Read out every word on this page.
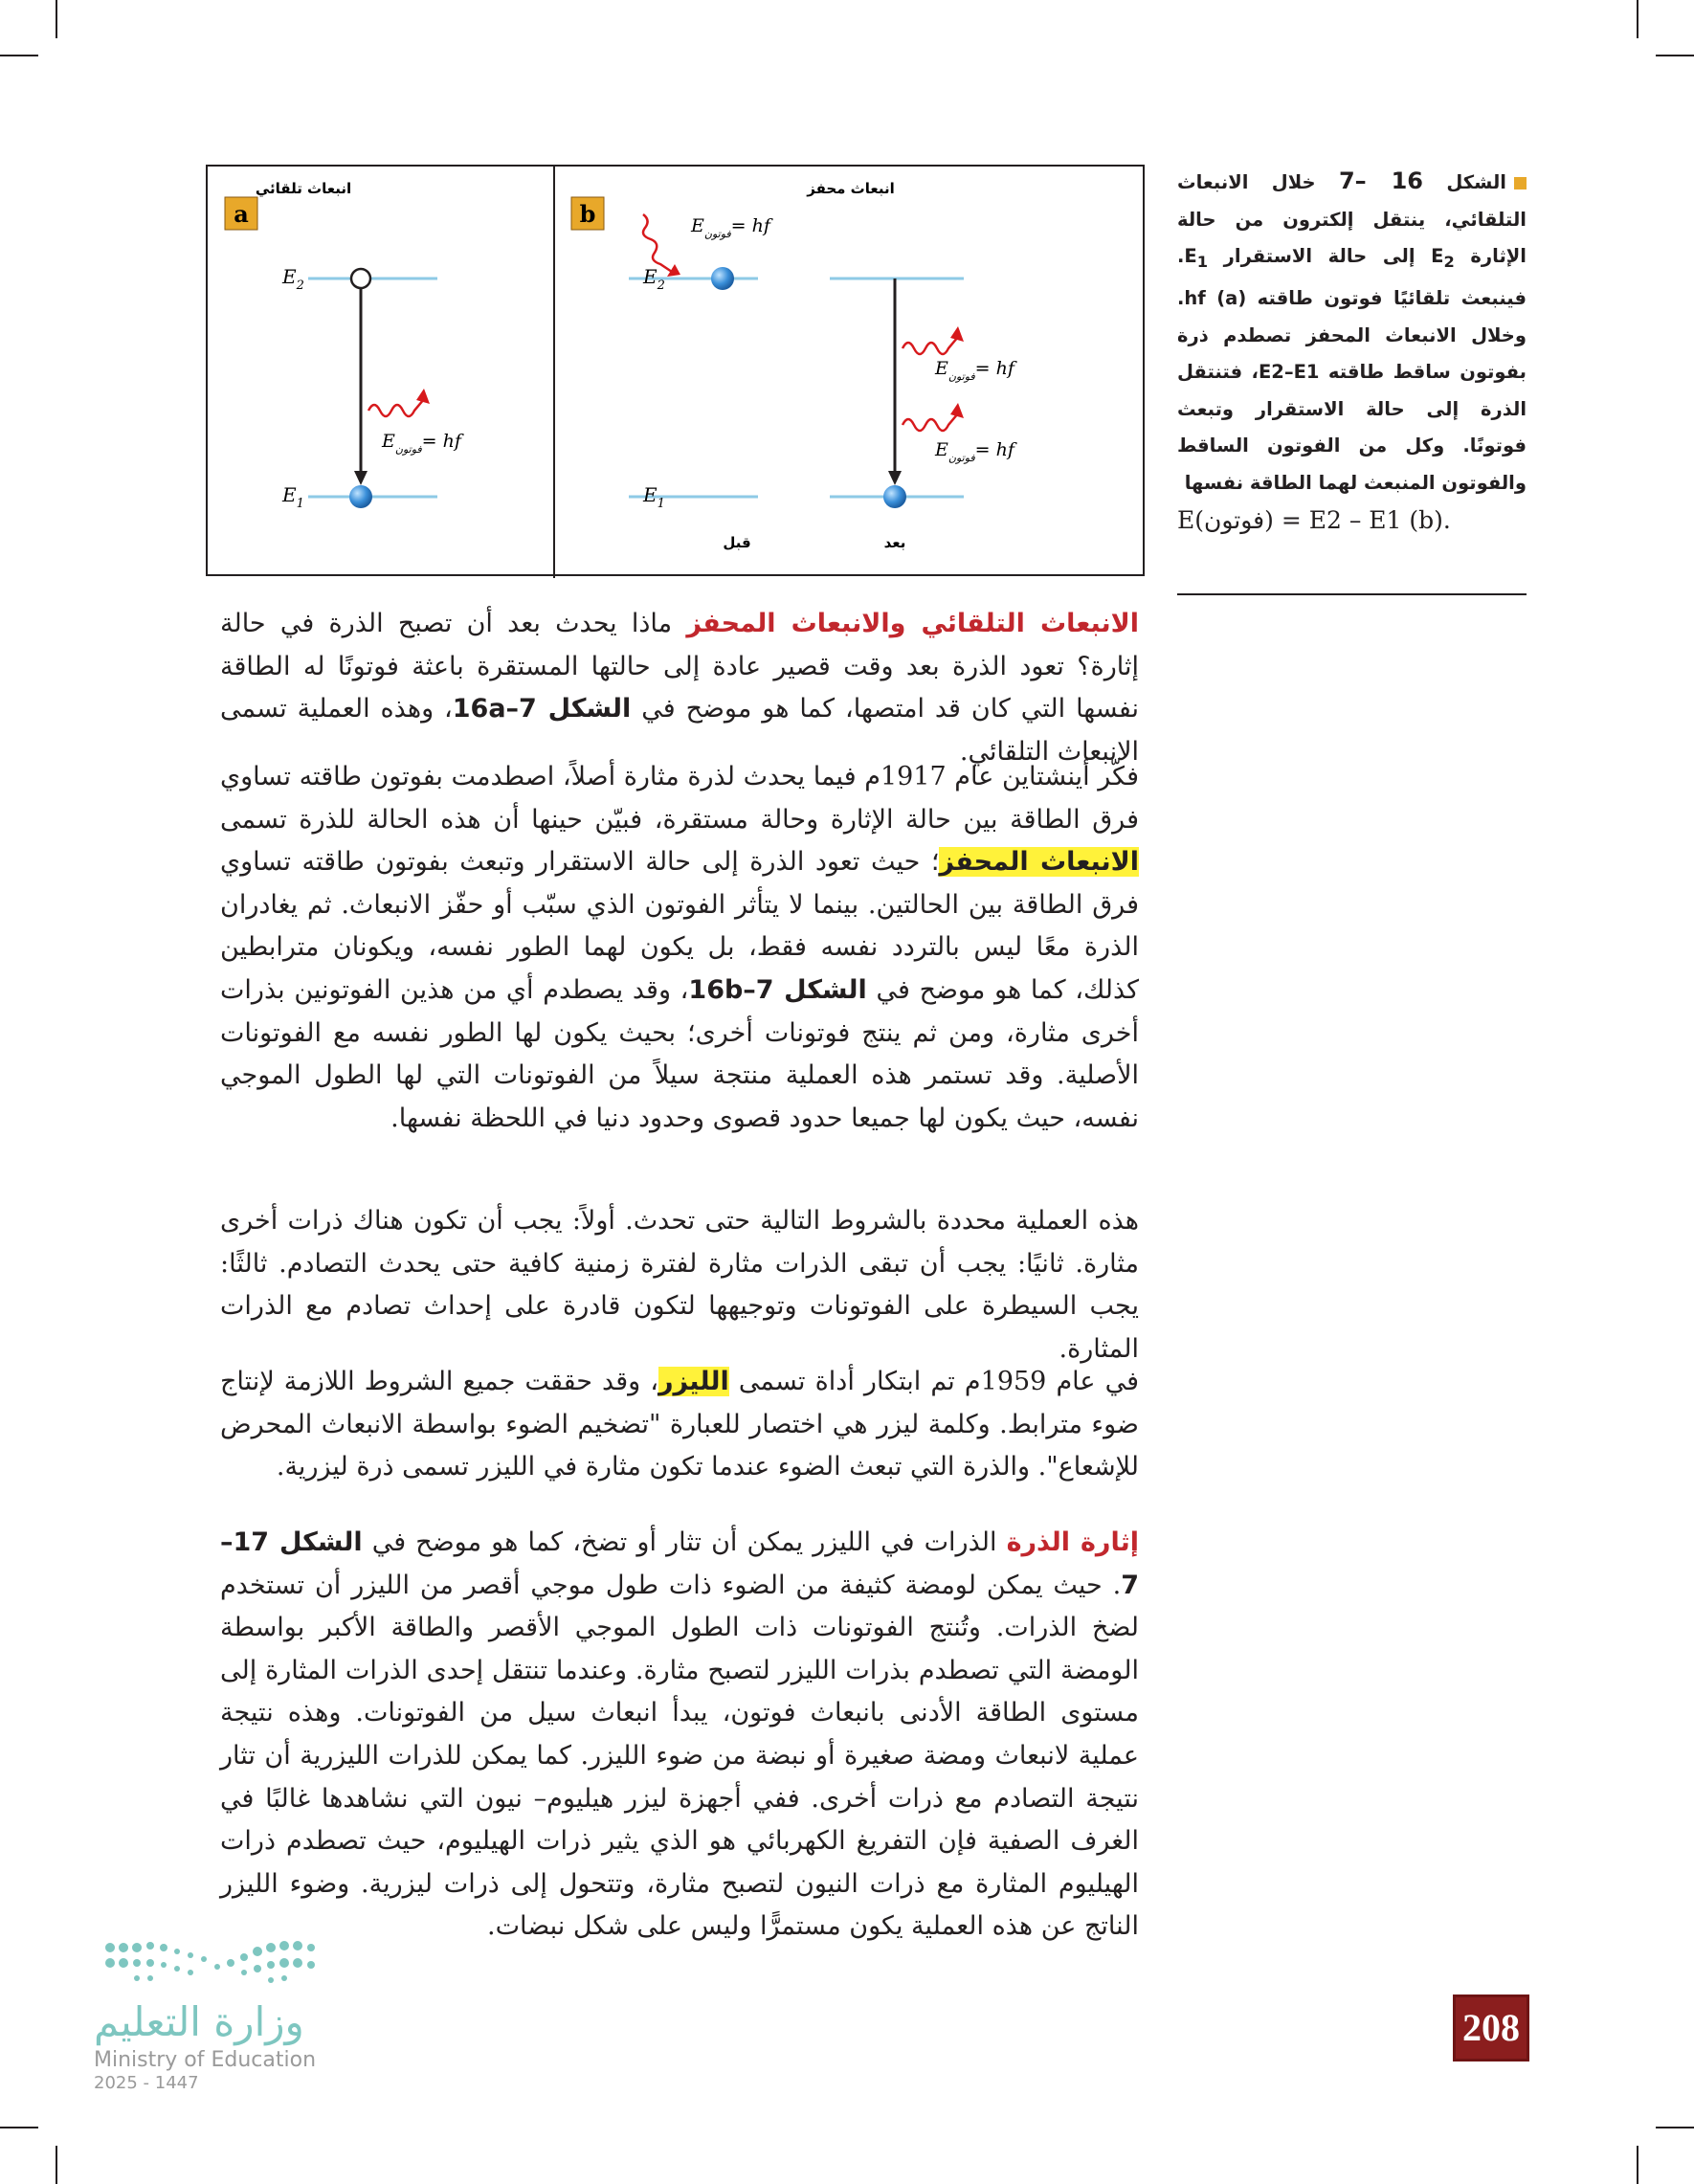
انبعاث تلقائي
a
$E_2$
$E_1$
$E_{فوتون}=$ hf
انبعاث محفز
b	$E_{فوتون}=$ hf
$E_2$
$E_1$
$E_{فوتون}=$ hf
$E_{فوتون}=$ hf
قبل	بعد
الشكل 16 –7 خلال الانبعاث التلقائي، ينتقل إلكترون من حالة الإثارة $E_2$ إلى حالة الاستقرار $E_1$. فينبعث تلقائيًا فوتون طاقته hf (a). وخلال الانبعاث المحفز تصطدم ذرة بفوتون ساقط طاقته E2–E1، فتنتقل الذرة إلى حالة الاستقرار وتبعث فوتونًا. وكل من الفوتون الساقط والفوتون المنبعث لهما الطاقة نفسها
E(فوتون) = E2 – E1 (b).
الانبعاث التلقائي والانبعاث المحفز ماذا يحدث بعد أن تصبح الذرة في حالة إثارة؟ تعود الذرة بعد وقت قصير عادة إلى حالتها المستقرة باعثة فوتونًا له الطاقة نفسها التي كان قد امتصها، كما هو موضح في الشكل 16a–7، وهذه العملية تسمى الانبعاث التلقائي.
فكّر أينشتاين عام 1917م فيما يحدث لذرة مثارة أصلاً، اصطدمت بفوتون طاقته تساوي فرق الطاقة بين حالة الإثارة وحالة مستقرة، فبيّن حينها أن هذه الحالة للذرة تسمى الانبعاث المحفز؛ حيث تعود الذرة إلى حالة الاستقرار وتبعث بفوتون طاقته تساوي فرق الطاقة بين الحالتين. بينما لا يتأثر الفوتون الذي سبّب أو حفّز الانبعاث. ثم يغادران الذرة معًا ليس بالتردد نفسه فقط، بل يكون لهما الطور نفسه، ويكونان مترابطين كذلك، كما هو موضح في الشكل 16b–7، وقد يصطدم أي من هذين الفوتونين بذرات أخرى مثارة، ومن ثم ينتج فوتونات أخرى؛ بحيث يكون لها الطور نفسه مع الفوتونات الأصلية. وقد تستمر هذه العملية منتجة سيلاً من الفوتونات التي لها الطول الموجي نفسه، حيث يكون لها جميعا حدود قصوى وحدود دنيا في اللحظة نفسها.
هذه العملية محددة بالشروط التالية حتى تحدث. أولاً: يجب أن تكون هناك ذرات أخرى مثارة. ثانيًا: يجب أن تبقى الذرات مثارة لفترة زمنية كافية حتى يحدث التصادم. ثالثًا: يجب السيطرة على الفوتونات وتوجيهها لتكون قادرة على إحداث تصادم مع الذرات المثارة.
في عام 1959م تم ابتكار أداة تسمى الليزر، وقد حققت جميع الشروط اللازمة لإنتاج ضوء مترابط. وكلمة ليزر هي اختصار للعبارة "تضخيم الضوء بواسطة الانبعاث المحرض للإشعاع". والذرة التي تبعث الضوء عندما تكون مثارة في الليزر تسمى ذرة ليزرية.
إثارة الذرة الذرات في الليزر يمكن أن تثار أو تضخ، كما هو موضح في الشكل 17–7. حيث يمكن لومضة كثيفة من الضوء ذات طول موجي أقصر من الليزر أن تستخدم لضخ الذرات. وتُنتج الفوتونات ذات الطول الموجي الأقصر والطاقة الأكبر بواسطة الومضة التي تصطدم بذرات الليزر لتصبح مثارة. وعندما تنتقل إحدى الذرات المثارة إلى مستوى الطاقة الأدنى بانبعاث فوتون، يبدأ انبعاث سيل من الفوتونات. وهذه نتيجة عملية لانبعاث ومضة صغيرة أو نبضة من ضوء الليزر. كما يمكن للذرات الليزرية أن تثار نتيجة التصادم مع ذرات أخرى. ففي أجهزة ليزر هيليوم– نيون التي نشاهدها غالبًا في الغرف الصفية فإن التفريغ الكهربائي هو الذي يثير ذرات الهيليوم، حيث تصطدم ذرات الهيليوم المثارة مع ذرات النيون لتصبح مثارة، وتتحول إلى ذرات ليزرية. وضوء الليزر الناتج عن هذه العملية يكون مستمرًّا وليس على شكل نبضات.
وزارة التعليم
Ministry of Education
2025 - 1447
208
